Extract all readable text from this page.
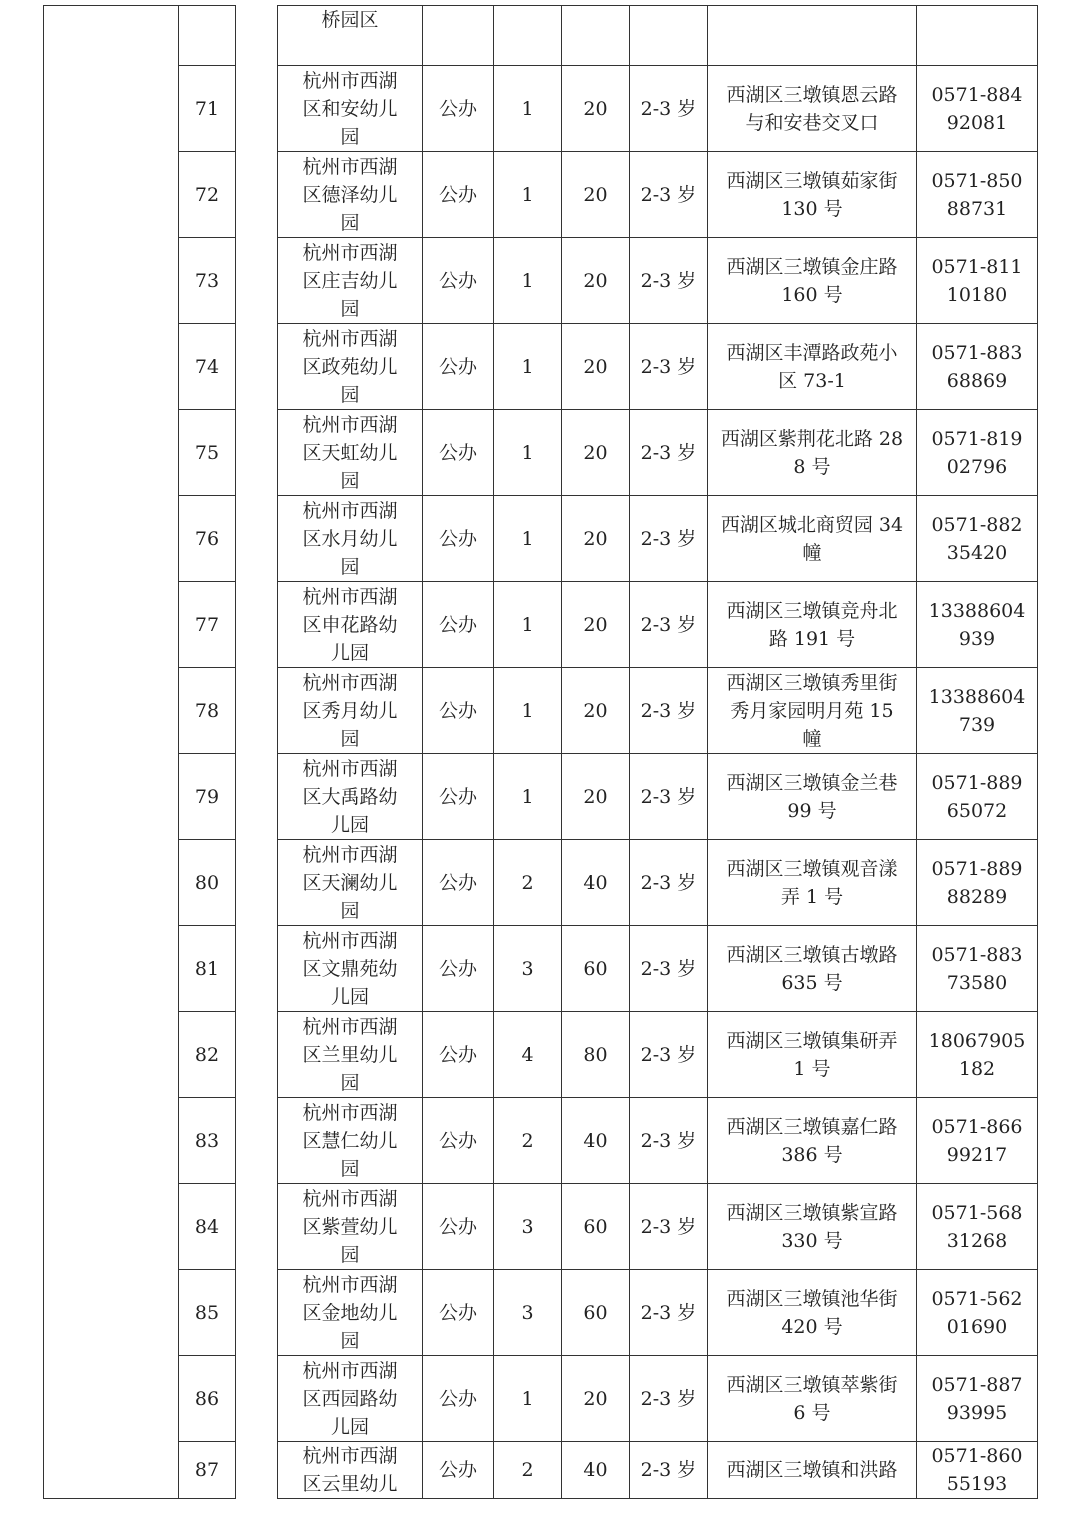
			桥园区						
	71		杭州市西湖区和安幼儿园	公办	1	20	2-3 岁	西湖区三墩镇恩云路与和安巷交叉口	0571-88492081
	72		杭州市西湖区德泽幼儿园	公办	1	20	2-3 岁	西湖区三墩镇茹家街 130 号	0571-85088731
	73		杭州市西湖区庄吉幼儿园	公办	1	20	2-3 岁	西湖区三墩镇金庄路 160 号	0571-81110180
	74		杭州市西湖区政苑幼儿园	公办	1	20	2-3 岁	西湖区丰潭路政苑小区 73-1	0571-88368869
	75		杭州市西湖区天虹幼儿园	公办	1	20	2-3 岁	西湖区紫荆花北路 288 号	0571-81902796
	76		杭州市西湖区水月幼儿园	公办	1	20	2-3 岁	西湖区城北商贸园 34 幢	0571-88235420
	77		杭州市西湖区申花路幼儿园	公办	1	20	2-3 岁	西湖区三墩镇竞舟北路 191 号	13388604939
	78		杭州市西湖区秀月幼儿园	公办	1	20	2-3 岁	西湖区三墩镇秀里街秀月家园明月苑 15 幢	13388604739
	79		杭州市西湖区大禹路幼儿园	公办	1	20	2-3 岁	西湖区三墩镇金兰巷 99 号	0571-88965072
	80		杭州市西湖区天澜幼儿园	公办	2	40	2-3 岁	西湖区三墩镇观音漾弄 1 号	0571-88988289
	81		杭州市西湖区文鼎苑幼儿园	公办	3	60	2-3 岁	西湖区三墩镇古墩路 635 号	0571-88373580
	82		杭州市西湖区兰里幼儿园	公办	4	80	2-3 岁	西湖区三墩镇集研弄 1 号	18067905182
	83		杭州市西湖区慧仁幼儿园	公办	2	40	2-3 岁	西湖区三墩镇嘉仁路 386 号	0571-86699217
	84		杭州市西湖区紫萱幼儿园	公办	3	60	2-3 岁	西湖区三墩镇紫宣路 330 号	0571-56831268
	85		杭州市西湖区金地幼儿园	公办	3	60	2-3 岁	西湖区三墩镇池华街 420 号	0571-56201690
	86		杭州市西湖区西园路幼儿园	公办	1	20	2-3 岁	西湖区三墩镇萃紫街 6 号	0571-88793995
	87		杭州市西湖区云里幼儿	公办	2	40	2-3 岁	西湖区三墩镇和洪路	0571-86055193
